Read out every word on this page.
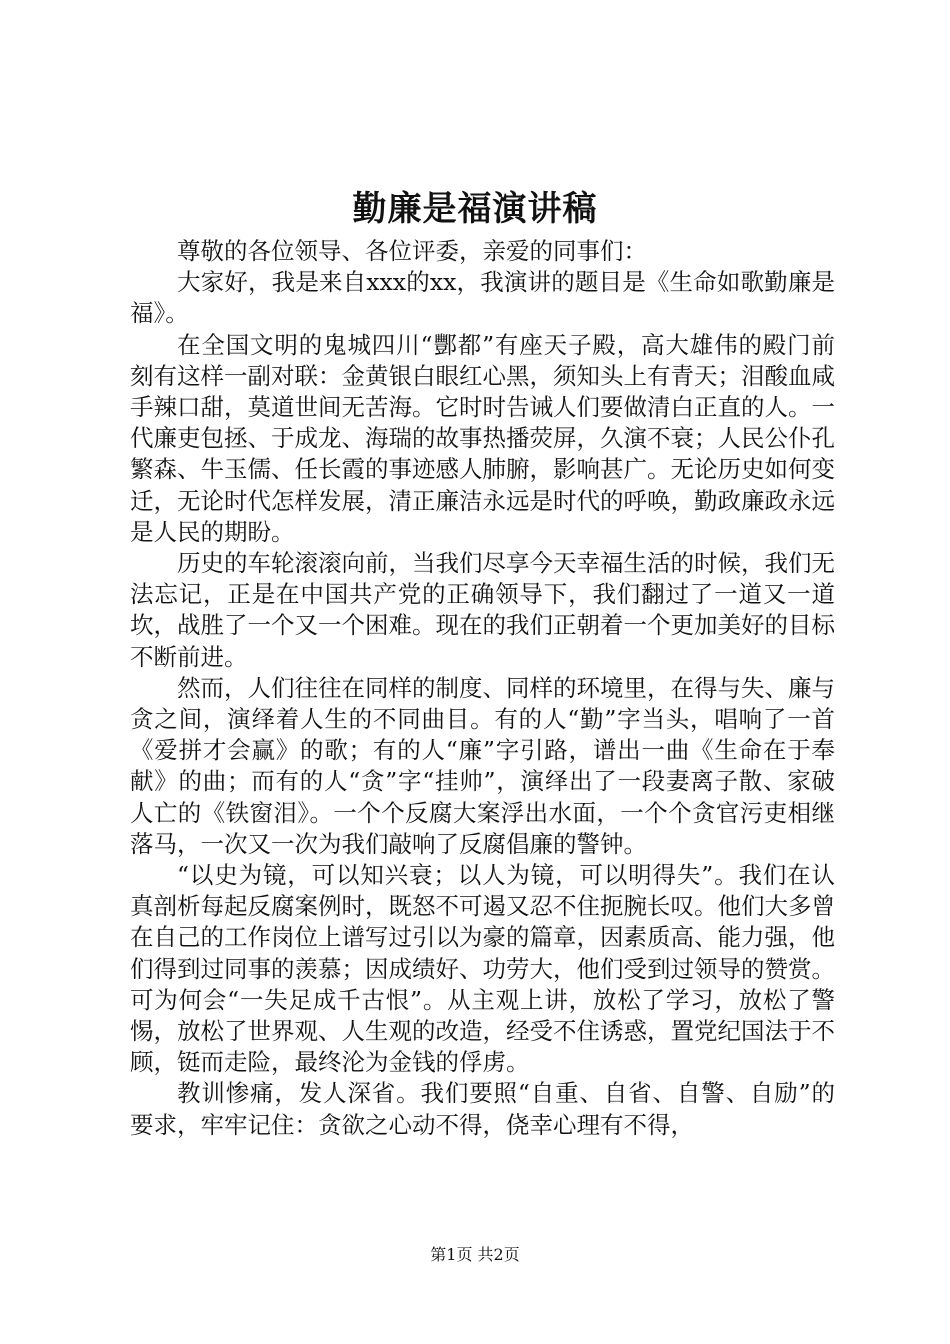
勤廉是福演讲稿

尊敬的各位领导、各位评委，亲爱的同事们：

大家好，我是来自xxx的xx，我演讲的题目是《生命如歌勤廉是福》。

在全国文明的鬼城四川“酆都”有座天子殿，高大雄伟的殿门前刻有这样一副对联：金黄银白眼红心黑，须知头上有青天；泪酸血咸手辣口甜，莫道世间无苦海。它时时告诫人们要做清白正直的人。一代廉吏包拯、于成龙、海瑞的故事热播荧屏，久演不衰；人民公仆孔繁森、牛玉儒、任长霞的事迹感人肺腑，影响甚广。无论历史如何变迁，无论时代怎样发展，清正廉洁永远是时代的呼唤，勤政廉政永远是人民的期盼。

历史的车轮滚滚向前，当我们尽享今天幸福生活的时候，我们无法忘记，正是在中国共产党的正确领导下，我们翻过了一道又一道坎，战胜了一个又一个困难。现在的我们正朝着一个更加美好的目标不断前进。

然而，人们往往在同样的制度、同样的环境里，在得与失、廉与贪之间，演绎着人生的不同曲目。有的人“勤”字当头，唱响了一首《爱拼才会赢》的歌；有的人“廉”字引路，谱出一曲《生命在于奉献》的曲；而有的人“贪”字“挂帅”，演绎出了一段妻离子散、家破人亡的《铁窗泪》。一个个反腐大案浮出水面，一个个贪官污吏相继落马，一次又一次为我们敲响了反腐倡廉的警钟。

“以史为镜，可以知兴衰；以人为镜，可以明得失”。我们在认真剖析每起反腐案例时，既怒不可遏又忍不住扼腕长叹。他们大多曾在自己的工作岗位上谱写过引以为豪的篇章，因素质高、能力强，他们得到过同事的羡慕；因成绩好、功劳大，他们受到过领导的赞赏。可为何会“一失足成千古恨”。从主观上讲，放松了学习，放松了警惕，放松了世界观、人生观的改造，经受不住诱惑，置党纪国法于不顾，铤而走险，最终沦为金钱的俘虏。

教训惨痛，发人深省。我们要照“自重、自省、自警、自励”的要求，牢牢记住：贪欲之心动不得，侥幸心理有不得，

第1页 共2页
